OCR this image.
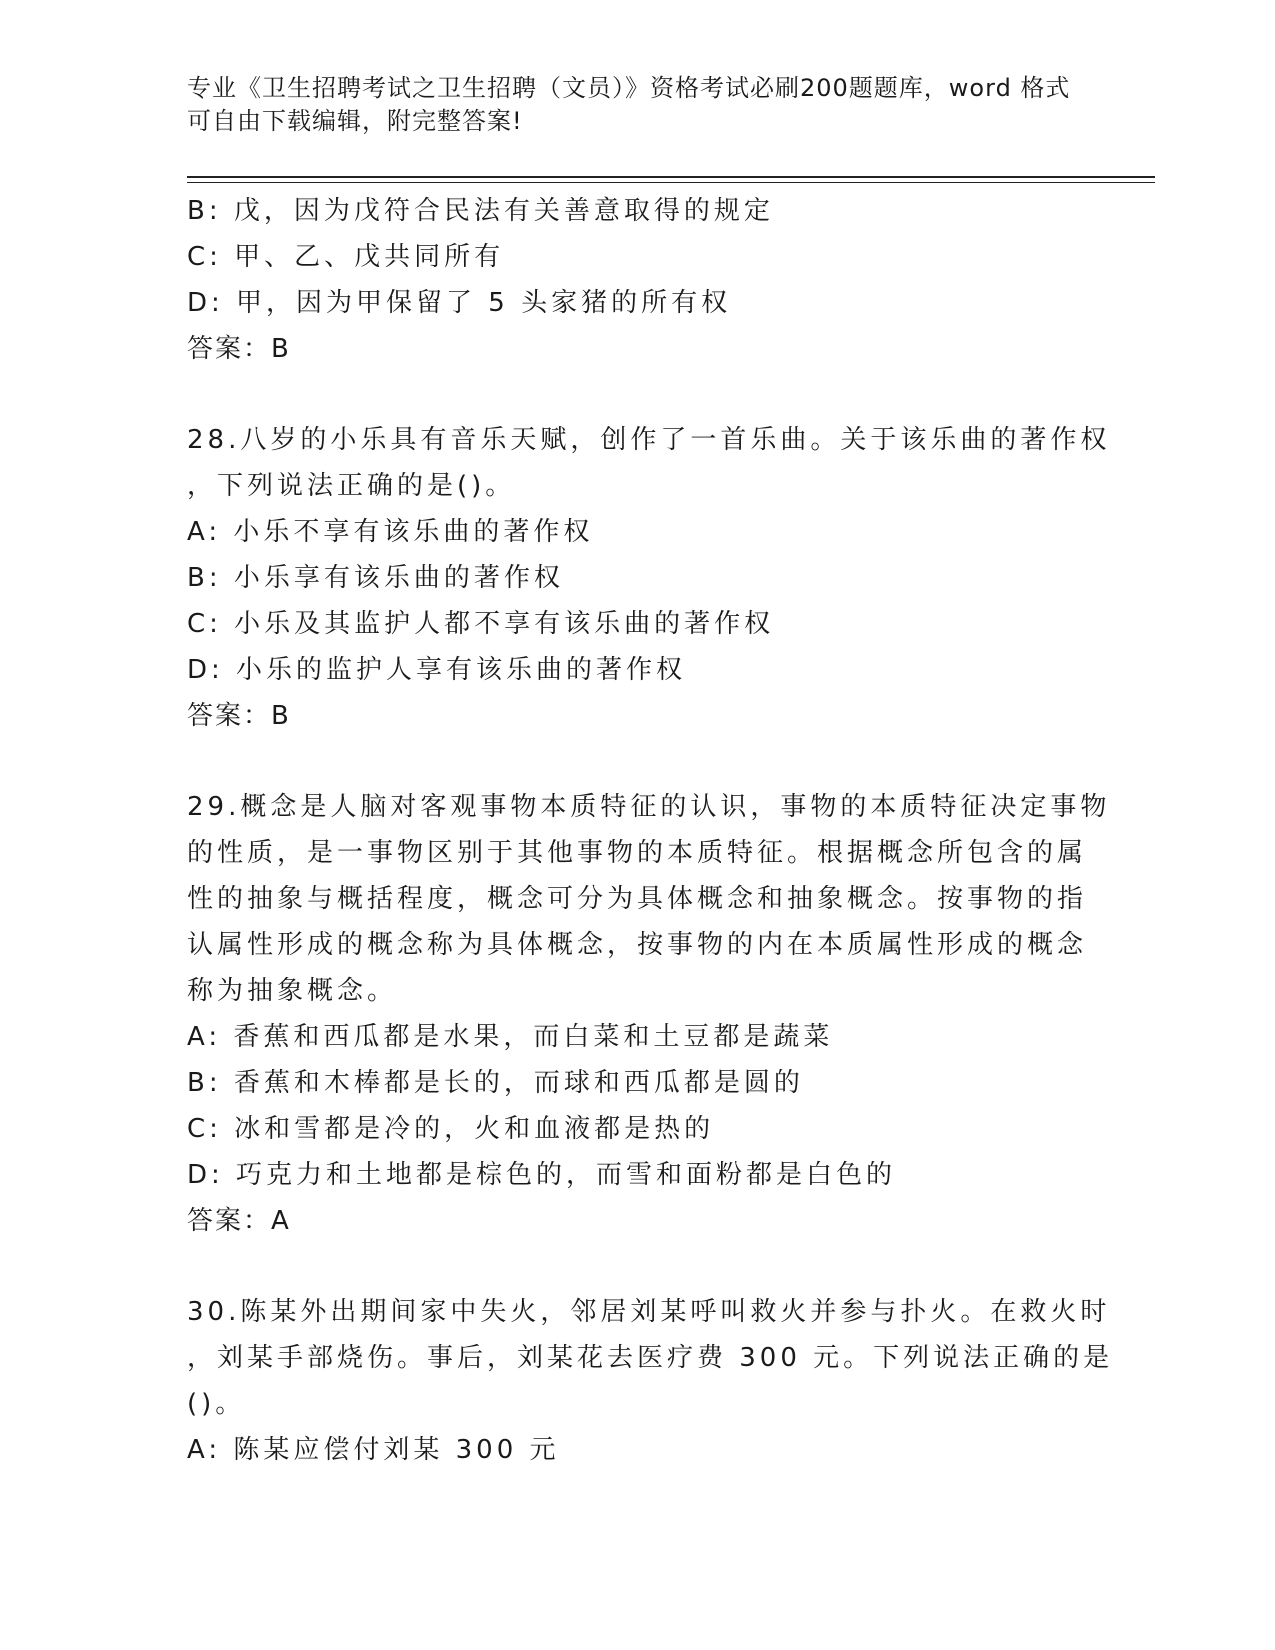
专业《卫生招聘考试之卫生招聘（文员）》资格考试必刷200题题库，word 格式
可自由下载编辑，附完整答案!
B: 戊，因为戊符合民法有关善意取得的规定
C: 甲、乙、戊共同所有
D: 甲，因为甲保留了 5 头家猪的所有权
答案：B
28.八岁的小乐具有音乐天赋，创作了一首乐曲。关于该乐曲的著作权
，下列说法正确的是()。
A: 小乐不享有该乐曲的著作权
B: 小乐享有该乐曲的著作权
C: 小乐及其监护人都不享有该乐曲的著作权
D: 小乐的监护人享有该乐曲的著作权
答案：B
29.概念是人脑对客观事物本质特征的认识，事物的本质特征决定事物
的性质，是一事物区别于其他事物的本质特征。根据概念所包含的属
性的抽象与概括程度，概念可分为具体概念和抽象概念。按事物的指
认属性形成的概念称为具体概念，按事物的内在本质属性形成的概念
称为抽象概念。
A: 香蕉和西瓜都是水果，而白菜和土豆都是蔬菜
B: 香蕉和木棒都是长的，而球和西瓜都是圆的
C: 冰和雪都是冷的，火和血液都是热的
D: 巧克力和土地都是棕色的，而雪和面粉都是白色的
答案：A
30.陈某外出期间家中失火，邻居刘某呼叫救火并参与扑火。在救火时
，刘某手部烧伤。事后，刘某花去医疗费 300 元。下列说法正确的是
()。
A: 陈某应偿付刘某 300 元
